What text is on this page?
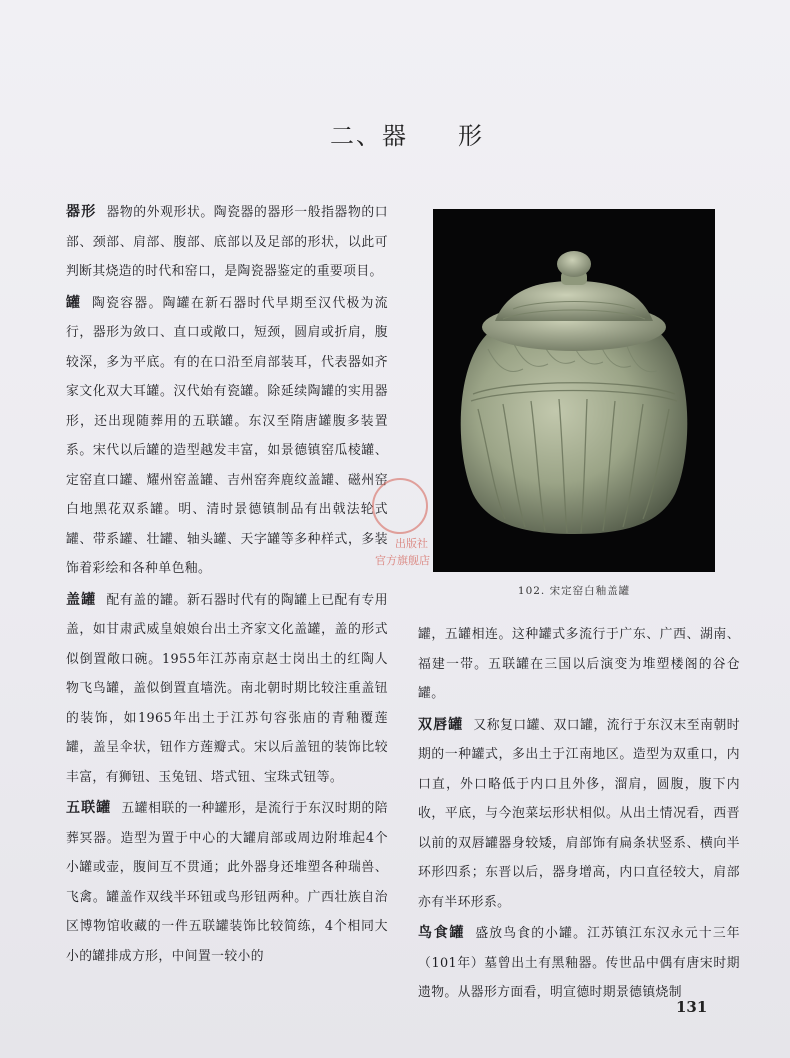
二、器 形

器形 器物的外观形状。陶瓷器的器形一般指器物的口部、颈部、肩部、腹部、底部以及足部的形状，以此可判断其烧造的时代和窑口，是陶瓷器鉴定的重要项目。

罐 陶瓷容器。陶罐在新石器时代早期至汉代极为流行，器形为敛口、直口或敞口，短颈，圆肩或折肩，腹较深，多为平底。有的在口沿至肩部装耳，代表器如齐家文化双大耳罐。汉代始有瓷罐。除延续陶罐的实用器形，还出现随葬用的五联罐。东汉至隋唐罐腹多装置系。宋代以后罐的造型越发丰富，如景德镇窑瓜棱罐、定窑直口罐、耀州窑盖罐、吉州窑奔鹿纹盖罐、磁州窑白地黑花双系罐。明、清时景德镇制品有出戟法轮式罐、带系罐、壮罐、轴头罐、天字罐等多种样式，多装饰着彩绘和各种单色釉。

盖罐 配有盖的罐。新石器时代有的陶罐上已配有专用盖，如甘肃武威皇娘娘台出土齐家文化盖罐，盖的形式似倒置敞口碗。1955年江苏南京赵士岗出土的红陶人物飞鸟罐，盖似倒置直墙洗。南北朝时期比较注重盖钮的装饰，如1965年出土于江苏句容张庙的青釉覆莲罐，盖呈伞状，钮作方莲瓣式。宋以后盖钮的装饰比较丰富，有狮钮、玉兔钮、塔式钮、宝珠式钮等。

五联罐 五罐相联的一种罐形，是流行于东汉时期的陪葬冥器。造型为置于中心的大罐肩部或周边附堆起4个小罐或壶，腹间互不贯通；此外器身还堆塑各种瑞兽、飞禽。罐盖作双线半环钮或鸟形钮两种。广西壮族自治区博物馆收藏的一件五联罐装饰比较简练，4个相同大小的罐排成方形，中间置一较小的

102. 宋定窑白釉盖罐
出版社
官方旗舰店

罐，五罐相连。这种罐式多流行于广东、广西、湖南、福建一带。五联罐在三国以后演变为堆塑楼阁的谷仓罐。

双唇罐 又称复口罐、双口罐，流行于东汉末至南朝时期的一种罐式，多出土于江南地区。造型为双重口，内口直，外口略低于内口且外侈，溜肩，圆腹，腹下内收，平底，与今泡菜坛形状相似。从出土情况看，西晋以前的双唇罐器身较矮，肩部饰有扁条状竖系、横向半环形四系；东晋以后，器身增高，内口直径较大，肩部亦有半环形系。

鸟食罐 盛放鸟食的小罐。江苏镇江东汉永元十三年（101年）墓曾出土有黑釉器。传世品中偶有唐宋时期遗物。从器形方面看，明宣德时期景德镇烧制

131
